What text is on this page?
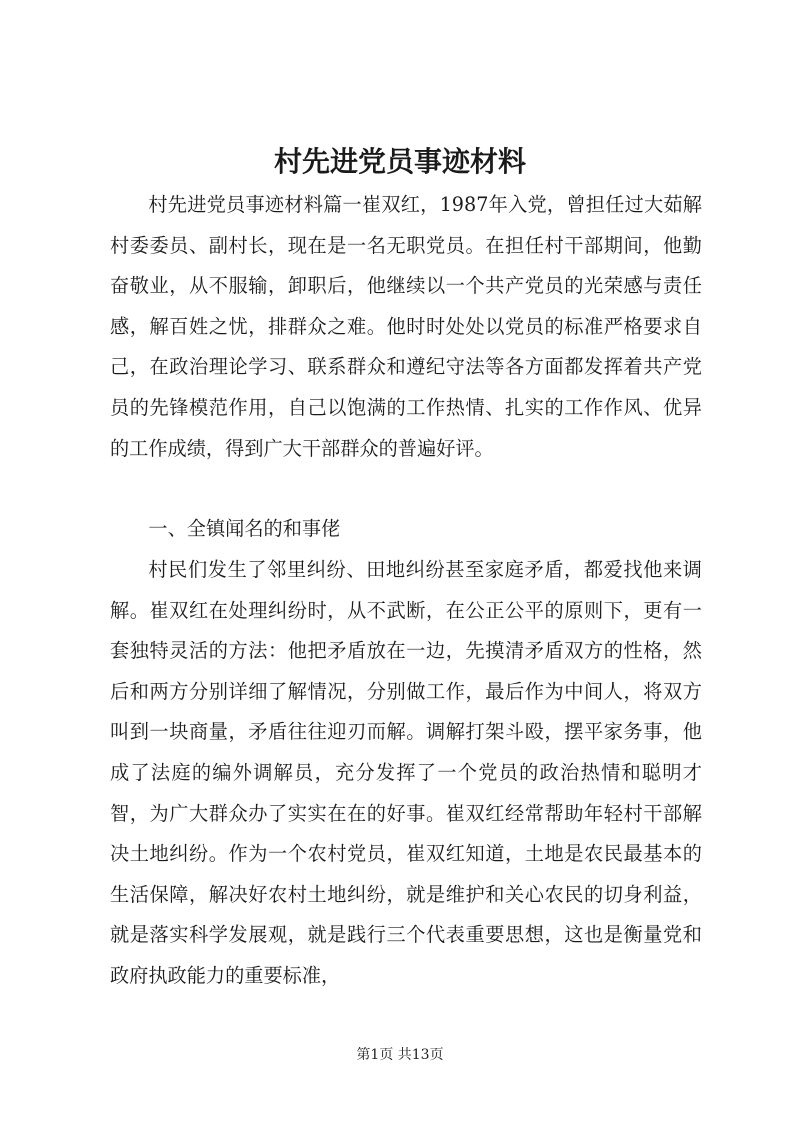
村先进党员事迹材料
村先进党员事迹材料篇一崔双红，1987年入党，曾担任过大茹解村委委员、副村长，现在是一名无职党员。在担任村干部期间，他勤奋敬业，从不服输，卸职后，他继续以一个共产党员的光荣感与责任感，解百姓之忧，排群众之难。他时时处处以党员的标准严格要求自己，在政治理论学习、联系群众和遵纪守法等各方面都发挥着共产党员的先锋模范作用，自己以饱满的工作热情、扎实的工作作风、优异的工作成绩，得到广大干部群众的普遍好评。
一、全镇闻名的和事佬
村民们发生了邻里纠纷、田地纠纷甚至家庭矛盾，都爱找他来调解。崔双红在处理纠纷时，从不武断，在公正公平的原则下，更有一套独特灵活的方法：他把矛盾放在一边，先摸清矛盾双方的性格，然后和两方分别详细了解情况，分别做工作，最后作为中间人，将双方叫到一块商量，矛盾往往迎刃而解。调解打架斗殴，摆平家务事，他成了法庭的编外调解员，充分发挥了一个党员的政治热情和聪明才智，为广大群众办了实实在在的好事。崔双红经常帮助年轻村干部解决土地纠纷。作为一个农村党员，崔双红知道，土地是农民最基本的生活保障，解决好农村土地纠纷，就是维护和关心农民的切身利益，就是落实科学发展观，就是践行三个代表重要思想，这也是衡量党和政府执政能力的重要标准，
第1页 共13页
